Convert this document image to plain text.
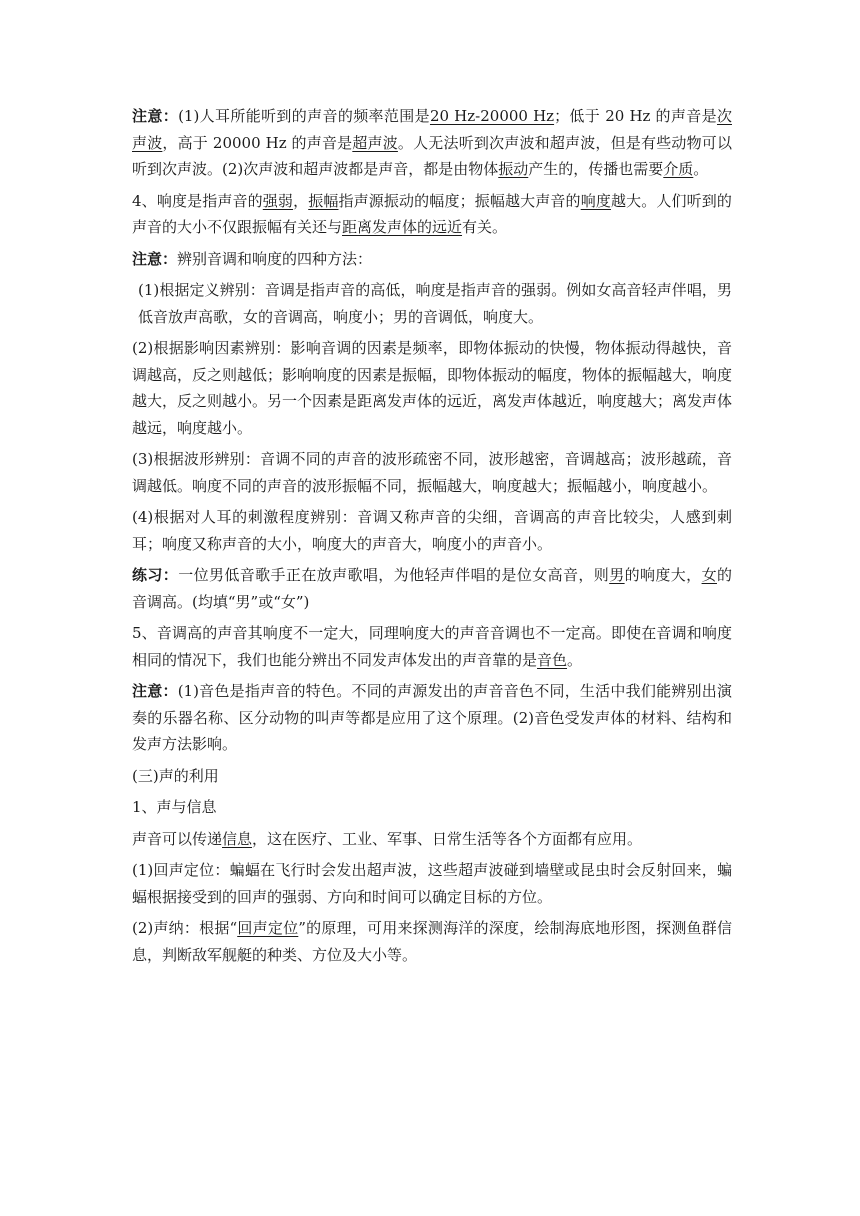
注意：(1)人耳所能听到的声音的频率范围是20 Hz-20000 Hz；低于 20 Hz 的声音是次声波，高于 20000 Hz 的声音是超声波。人无法听到次声波和超声波，但是有些动物可以听到次声波。(2)次声波和超声波都是声音，都是由物体振动产生的，传播也需要介质。

4、响度是指声音的强弱，振幅指声源振动的幅度；振幅越大声音的响度越大。人们听到的声音的大小不仅跟振幅有关还与距离发声体的远近有关。

注意：辨别音调和响度的四种方法：

(1)根据定义辨别：音调是指声音的高低，响度是指声音的强弱。例如女高音轻声伴唱，男低音放声高歌，女的音调高，响度小；男的音调低，响度大。

(2)根据影响因素辨别：影响音调的因素是频率，即物体振动的快慢，物体振动得越快，音调越高，反之则越低；影响响度的因素是振幅，即物体振动的幅度，物体的振幅越大，响度越大，反之则越小。另一个因素是距离发声体的远近，离发声体越近，响度越大；离发声体越远，响度越小。

(3)根据波形辨别：音调不同的声音的波形疏密不同，波形越密，音调越高；波形越疏，音调越低。响度不同的声音的波形振幅不同，振幅越大，响度越大；振幅越小，响度越小。

(4)根据对人耳的刺激程度辨别：音调又称声音的尖细，音调高的声音比较尖，人感到刺耳；响度又称声音的大小，响度大的声音大，响度小的声音小。

练习：一位男低音歌手正在放声歌唱，为他轻声伴唱的是位女高音，则男的响度大，女的音调高。(均填“男”或“女”)

5、音调高的声音其响度不一定大，同理响度大的声音音调也不一定高。即使在音调和响度相同的情况下，我们也能分辨出不同发声体发出的声音靠的是音色。

注意：(1)音色是指声音的特色。不同的声源发出的声音音色不同，生活中我们能辨别出演奏的乐器名称、区分动物的叫声等都是应用了这个原理。(2)音色受发声体的材料、结构和发声方法影响。

(三)声的利用

1、声与信息

声音可以传递信息，这在医疗、工业、军事、日常生活等各个方面都有应用。

(1)回声定位：蝙蝠在飞行时会发出超声波，这些超声波碰到墙壁或昆虫时会反射回来，蝙蝠根据接受到的回声的强弱、方向和时间可以确定目标的方位。

(2)声纳：根据“回声定位”的原理，可用来探测海洋的深度，绘制海底地形图，探测鱼群信息，判断敌军舰艇的种类、方位及大小等。
